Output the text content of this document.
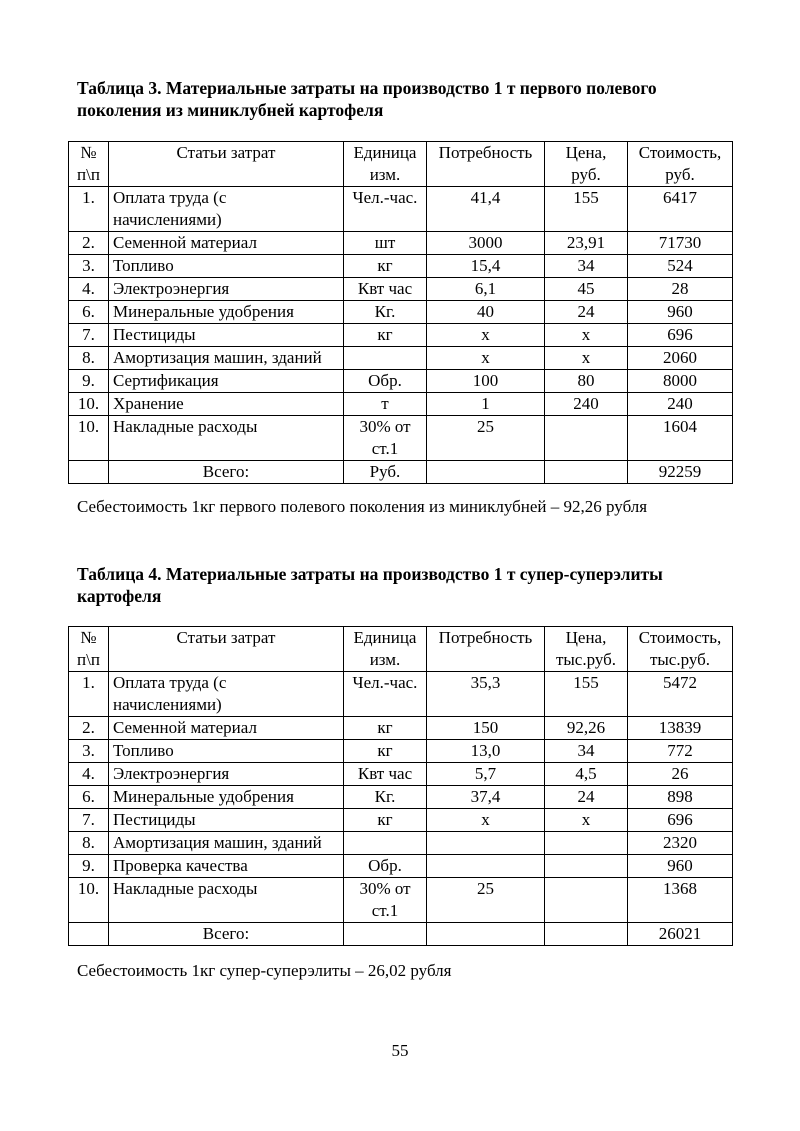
Таблица 3. Материальные затраты на производство 1 т первого полевого поколения из миниклубней картофеля

№ п\п	Статьи затрат	Единица изм.	Потребность	Цена, руб.	Стоимость, руб.
1.	Оплата труда (с начислениями)	Чел.-час.	41,4	155	6417
2.	Семенной материал	шт	3000	23,91	71730
3.	Топливо	кг	15,4	34	524
4.	Электроэнергия	Квт час	6,1	45	28
6.	Минеральные удобрения	Кг.	40	24	960
7.	Пестициды	кг	х	х	696
8.	Амортизация машин, зданий		х	х	2060
9.	Сертификация	Обр.	100	80	8000
10.	Хранение	т	1	240	240
10.	Накладные расходы	30% от ст.1	25		1604
	Всего:	Руб.			92259

Себестоимость 1кг первого полевого поколения из миниклубней – 92,26 рубля

Таблица 4. Материальные затраты на производство 1 т супер-суперэлиты картофеля

№ п\п	Статьи затрат	Единица изм.	Потребность	Цена, тыс.руб.	Стоимость, тыс.руб.
1.	Оплата труда (с начислениями)	Чел.-час.	35,3	155	5472
2.	Семенной материал	кг	150	92,26	13839
3.	Топливо	кг	13,0	34	772
4.	Электроэнергия	Квт час	5,7	4,5	26
6.	Минеральные удобрения	Кг.	37,4	24	898
7.	Пестициды	кг	х	х	696
8.	Амортизация машин, зданий				2320
9.	Проверка качества	Обр.			960
10.	Накладные расходы	30% от ст.1	25		1368
	Всего:				26021

Себестоимость 1кг супер-суперэлиты – 26,02 рубля

55
